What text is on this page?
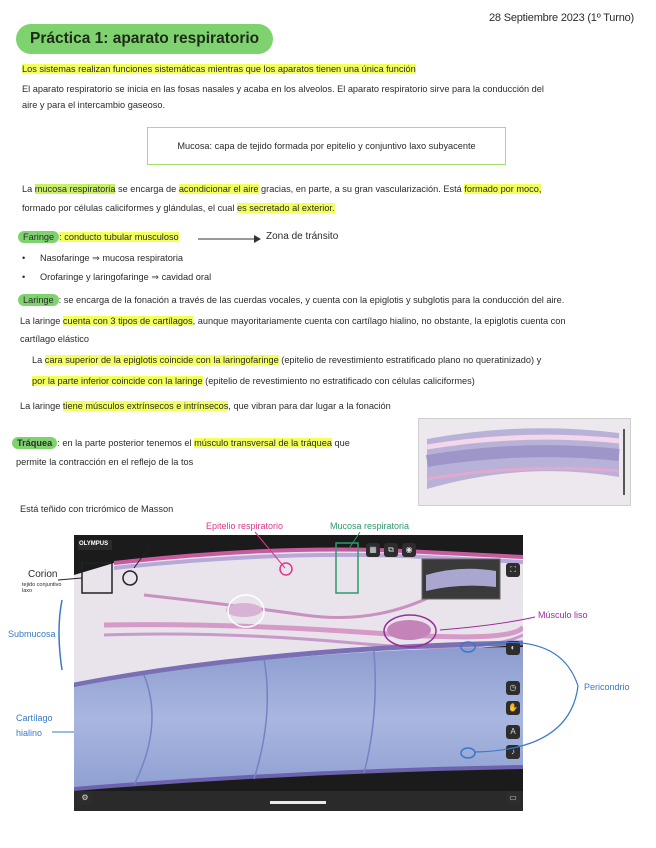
28 Septiembre 2023 (1º Turno)
Práctica 1: aparato respiratorio
Los sistemas realizan funciones sistemáticas mientras que los aparatos tienen una única función
El aparato respiratorio se inicia en las fosas nasales y acaba en los alveolos. El aparato respiratorio sirve para la conducción del
aire y para el intercambio gaseoso.
Mucosa: capa de tejido formada por epitelio y conjuntivo laxo subyacente
La mucosa respiratoria se encarga de acondicionar el aire gracias, en parte, a su gran vascularización. Está formado por moco,
formado por células caliciformes y glándulas, el cual es secretado al exterior.
Faringe : conducto tubular musculoso	Zona de tránsito
• Nasofaringe ⇒ mucosa respiratoria
• Orofaringe y laringofaringe ⇒ cavidad oral
Laringe : se encarga de la fonación a través de las cuerdas vocales, y cuenta con la epiglotis y subglotis para la conducción del aire.
La laringe cuenta con 3 tipos de cartílagos, aunque mayoritariamente cuenta con cartílago hialino, no obstante, la epiglotis cuenta con
cartílago elástico
La cara superior de la epiglotis coincide con la laringofaringe (epitelio de revestimiento estratificado plano no queratinizado) y
por la parte inferior coincide con la laringe (epitelio de revestimiento no estratificado con células caliciformes)
La laringe tiene músculos extrínsecos e intrínsecos, que vibran para dar lugar a la fonación
Tráquea : en la parte posterior tenemos el músculo transversal de la tráquea que
permite la contracción en el reflejo de la tos
Está teñido con tricrómico de Masson
Epitelio respiratorio	Mucosa respiratoria
Corion
tejido conjuntivo laxo
Submucosa
Cartílago
hialino
Músculo liso
Pericondrio
OLYMPUS
▦	⧉	◉
⛶
◐
◷
✋
A
♪
▭
⚙
